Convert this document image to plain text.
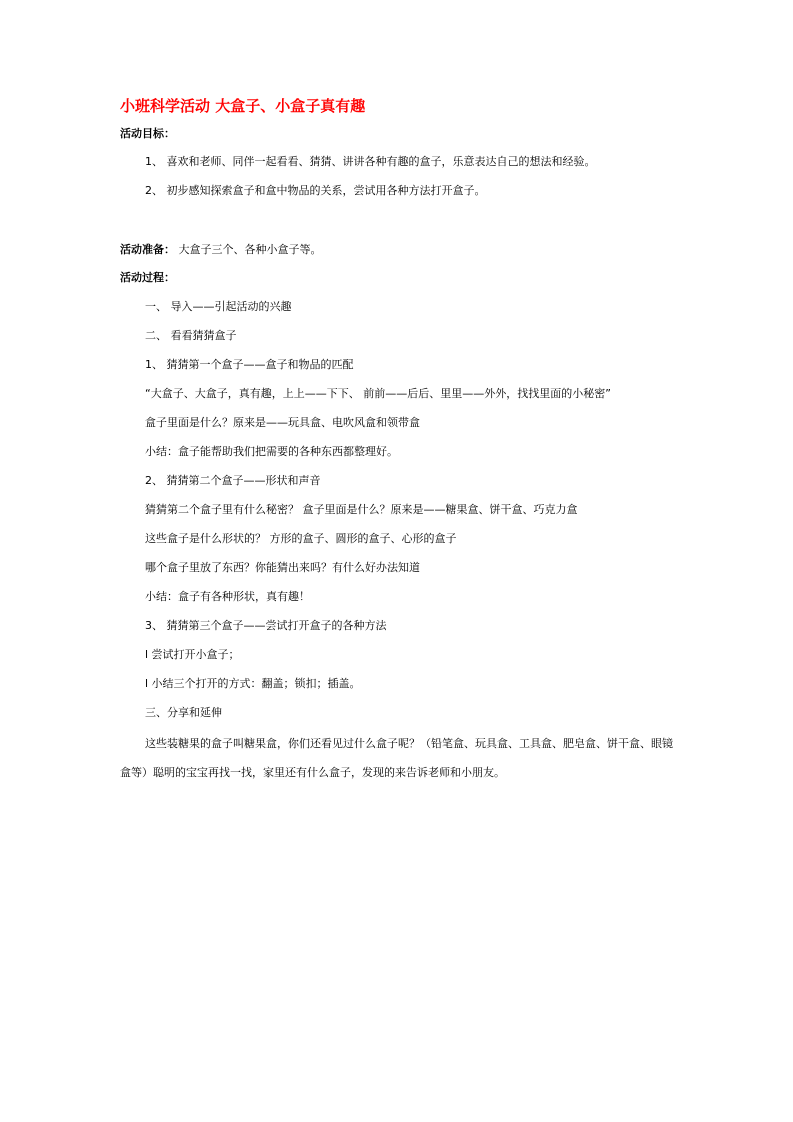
小班科学活动 大盒子、小盒子真有趣
活动目标：
1、 喜欢和老师、同伴一起看看、猜猜、讲讲各种有趣的盒子，乐意表达自己的想法和经验。
2、 初步感知探索盒子和盒中物品的关系，尝试用各种方法打开盒子。
活动准备： 大盒子三个、各种小盒子等。
活动过程：
一、 导入——引起活动的兴趣
二、 看看猜猜盒子
1、 猜猜第一个盒子——盒子和物品的匹配
“大盒子、大盒子，真有趣，上上——下下、 前前——后后、里里——外外，找找里面的小秘密”
盒子里面是什么？原来是——玩具盒、电吹风盒和领带盒
小结：盒子能帮助我们把需要的各种东西都整理好。
2、 猜猜第二个盒子——形状和声音
猜猜第二个盒子里有什么秘密？ 盒子里面是什么？原来是——糖果盒、饼干盒、巧克力盒
这些盒子是什么形状的？ 方形的盒子、圆形的盒子、心形的盒子
哪个盒子里放了东西？你能猜出来吗？有什么好办法知道
小结：盒子有各种形状，真有趣！
3、 猜猜第三个盒子——尝试打开盒子的各种方法
l 尝试打开小盒子；
l 小结三个打开的方式：翻盖；锁扣；插盖。
三、分享和延伸
这些装糖果的盒子叫糖果盒，你们还看见过什么盒子呢？（铅笔盒、玩具盒、工具盒、肥皂盒、饼干盒、眼镜盒等）聪明的宝宝再找一找，家里还有什么盒子，发现的来告诉老师和小朋友。
